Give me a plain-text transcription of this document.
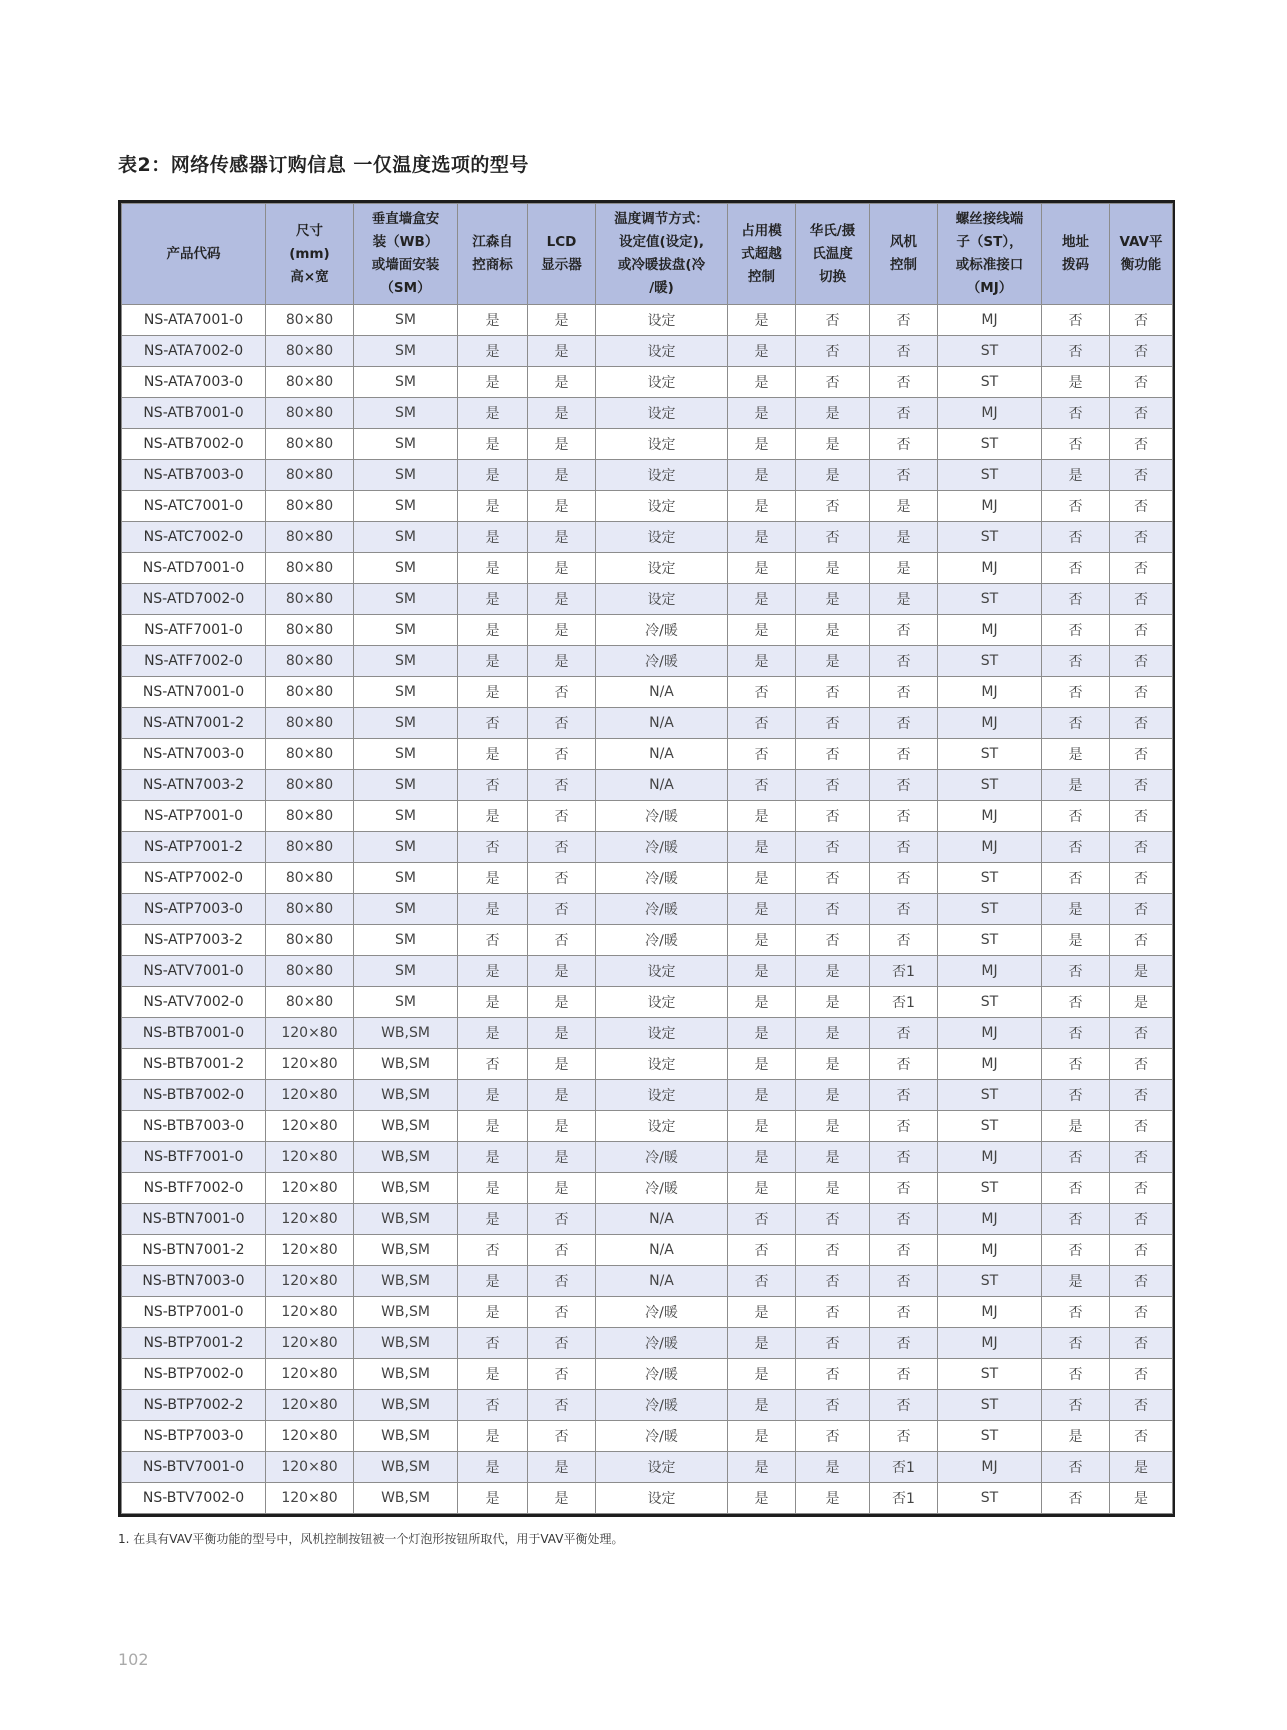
表2：网络传感器订购信息 一仅温度选项的型号
产品代码	尺寸
(mm)
高×宽	垂直墙盒安
装（WB）
或墙面安装
（SM）	江森自
控商标	LCD
显示器	温度调节方式：
设定值(设定),
或冷暖拔盘(冷
/暖)	占用模
式超越
控制	华氏/摄
氏温度
切换	风机
控制	螺丝接线端
子（ST），
或标准接口
（MJ）	地址
拨码	VAV平
衡功能

NS-ATA7001-0	80×80	SM	是	是	设定	是	否	否	MJ	否	否
NS-ATA7002-0	80×80	SM	是	是	设定	是	否	否	ST	否	否
NS-ATA7003-0	80×80	SM	是	是	设定	是	否	否	ST	是	否
NS-ATB7001-0	80×80	SM	是	是	设定	是	是	否	MJ	否	否
NS-ATB7002-0	80×80	SM	是	是	设定	是	是	否	ST	否	否
NS-ATB7003-0	80×80	SM	是	是	设定	是	是	否	ST	是	否
NS-ATC7001-0	80×80	SM	是	是	设定	是	否	是	MJ	否	否
NS-ATC7002-0	80×80	SM	是	是	设定	是	否	是	ST	否	否
NS-ATD7001-0	80×80	SM	是	是	设定	是	是	是	MJ	否	否
NS-ATD7002-0	80×80	SM	是	是	设定	是	是	是	ST	否	否
NS-ATF7001-0	80×80	SM	是	是	冷/暖	是	是	否	MJ	否	否
NS-ATF7002-0	80×80	SM	是	是	冷/暖	是	是	否	ST	否	否
NS-ATN7001-0	80×80	SM	是	否	N/A	否	否	否	MJ	否	否
NS-ATN7001-2	80×80	SM	否	否	N/A	否	否	否	MJ	否	否
NS-ATN7003-0	80×80	SM	是	否	N/A	否	否	否	ST	是	否
NS-ATN7003-2	80×80	SM	否	否	N/A	否	否	否	ST	是	否
NS-ATP7001-0	80×80	SM	是	否	冷/暖	是	否	否	MJ	否	否
NS-ATP7001-2	80×80	SM	否	否	冷/暖	是	否	否	MJ	否	否
NS-ATP7002-0	80×80	SM	是	否	冷/暖	是	否	否	ST	否	否
NS-ATP7003-0	80×80	SM	是	否	冷/暖	是	否	否	ST	是	否
NS-ATP7003-2	80×80	SM	否	否	冷/暖	是	否	否	ST	是	否
NS-ATV7001-0	80×80	SM	是	是	设定	是	是	否1	MJ	否	是
NS-ATV7002-0	80×80	SM	是	是	设定	是	是	否1	ST	否	是
NS-BTB7001-0	120×80	WB,SM	是	是	设定	是	是	否	MJ	否	否
NS-BTB7001-2	120×80	WB,SM	否	是	设定	是	是	否	MJ	否	否
NS-BTB7002-0	120×80	WB,SM	是	是	设定	是	是	否	ST	否	否
NS-BTB7003-0	120×80	WB,SM	是	是	设定	是	是	否	ST	是	否
NS-BTF7001-0	120×80	WB,SM	是	是	冷/暖	是	是	否	MJ	否	否
NS-BTF7002-0	120×80	WB,SM	是	是	冷/暖	是	是	否	ST	否	否
NS-BTN7001-0	120×80	WB,SM	是	否	N/A	否	否	否	MJ	否	否
NS-BTN7001-2	120×80	WB,SM	否	否	N/A	否	否	否	MJ	否	否
NS-BTN7003-0	120×80	WB,SM	是	否	N/A	否	否	否	ST	是	否
NS-BTP7001-0	120×80	WB,SM	是	否	冷/暖	是	否	否	MJ	否	否
NS-BTP7001-2	120×80	WB,SM	否	否	冷/暖	是	否	否	MJ	否	否
NS-BTP7002-0	120×80	WB,SM	是	否	冷/暖	是	否	否	ST	否	否
NS-BTP7002-2	120×80	WB,SM	否	否	冷/暖	是	否	否	ST	否	否
NS-BTP7003-0	120×80	WB,SM	是	否	冷/暖	是	否	否	ST	是	否
NS-BTV7001-0	120×80	WB,SM	是	是	设定	是	是	否1	MJ	否	是
NS-BTV7002-0	120×80	WB,SM	是	是	设定	是	是	否1	ST	否	是

1. 在具有VAV平衡功能的型号中，风机控制按钮被一个灯泡形按钮所取代，用于VAV平衡处理。

102
